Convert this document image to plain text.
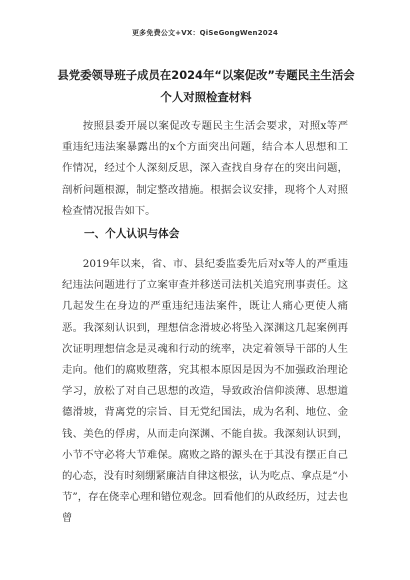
更多免费公文+VX：QiSeGongWen2024
县党委领导班子成员在2024年“以案促改”专题民主生活会个人对照检查材料

按照县委开展以案促改专题民主生活会要求，对照x等严重违纪违法案暴露出的x个方面突出问题，结合本人思想和工作情况，经过个人深刻反思，深入查找自身存在的突出问题，剖析问题根源，制定整改措施。根据会议安排，现将个人对照检查情况报告如下。

一、个人认识与体会

2019年以来，省、市、县纪委监委先后对x等人的严重违纪违法问题进行了立案审查并移送司法机关追究刑事责任。这几起发生在身边的严重违纪违法案件，既让人痛心更使人痛恶。我深刻认识到，理想信念滑坡必将坠入深渊这几起案例再次证明理想信念是灵魂和行动的统率，决定着领导干部的人生走向。他们的腐败堕落，究其根本原因是因为不加强政治理论学习，放松了对自己思想的改造，导致政治信仰淡薄、思想道德滑坡，背离党的宗旨、目无党纪国法，成为名利、地位、金钱、美色的俘虏，从而走向深渊、不能自拔。我深刻认识到，小节不守必将大节难保。腐败之路的源头在于其没有摆正自己的心态，没有时刻绷紧廉洁自律这根弦，认为吃点、拿点是“小节”，存在侥幸心理和错位观念。回看他们的从政经历，过去也曾
